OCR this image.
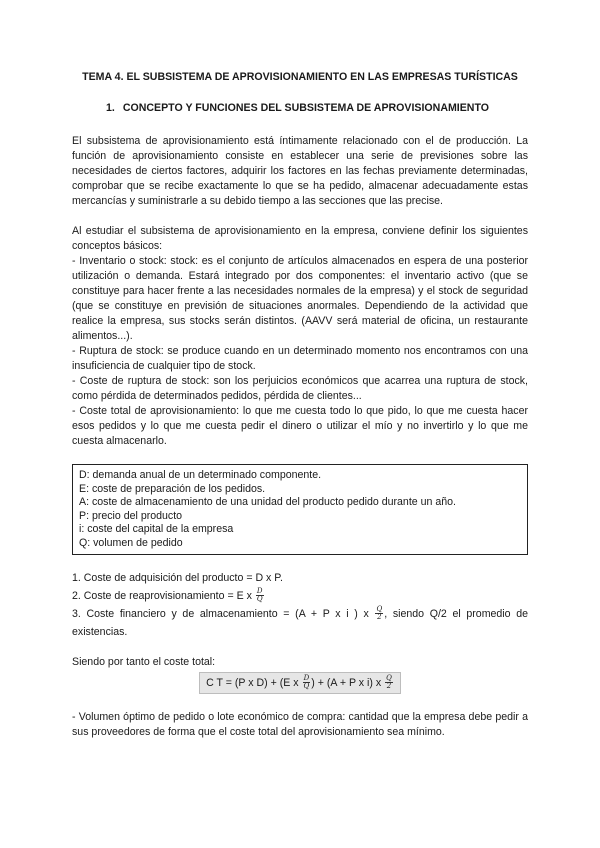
TEMA 4. EL SUBSISTEMA DE APROVISIONAMIENTO EN LAS EMPRESAS TURÍSTICAS
1. CONCEPTO Y FUNCIONES DEL SUBSISTEMA DE APROVISIONAMIENTO

El subsistema de aprovisionamiento está íntimamente relacionado con el de producción. La función de aprovisionamiento consiste en establecer una serie de previsiones sobre las necesidades de ciertos factores, adquirir los factores en las fechas previamente determinadas, comprobar que se recibe exactamente lo que se ha pedido, almacenar adecuadamente estas mercancías y suministrarle a su debido tiempo a las secciones que las precise.

Al estudiar el subsistema de aprovisionamiento en la empresa, conviene definir los siguientes conceptos básicos:

- Inventario o stock: stock: es el conjunto de artículos almacenados en espera de una posterior utilización o demanda. Estará integrado por dos componentes: el inventario activo (que se constituye para hacer frente a las necesidades normales de la empresa) y el stock de seguridad (que se constituye en previsión de situaciones anormales. Dependiendo de la actividad que realice la empresa, sus stocks serán distintos. (AAVV será material de oficina, un restaurante alimentos...).

- Ruptura de stock: se produce cuando en un determinado momento nos encontramos con una insuficiencia de cualquier tipo de stock.

- Coste de ruptura de stock: son los perjuicios económicos que acarrea una ruptura de stock, como pérdida de determinados pedidos, pérdida de clientes...

- Coste total de aprovisionamiento: lo que me cuesta todo lo que pido, lo que me cuesta hacer esos pedidos y lo que me cuesta pedir el dinero o utilizar el mío y no invertirlo y lo que me cuesta almacenarlo.

D: demanda anual de un determinado componente.
E: coste de preparación de los pedidos.
A: coste de almacenamiento de una unidad del producto pedido durante un año.
P: precio del producto
i: coste del capital de la empresa
Q: volumen de pedido

1. Coste de adquisición del producto = D x P.

2. Coste de reaprovisionamiento = E x $\frac{D}{Q}$

3. Coste financiero y de almacenamiento = (A + P x i ) x $\frac{Q}{2}$ , siendo Q/2 el promedio de existencias.

Siendo por tanto el coste total:

C T = (P x D) + (E x $\frac{D}{Q}$ ) + (A + P x i) x $\frac{Q}{2}$

- Volumen óptimo de pedido o lote económico de compra: cantidad que la empresa debe pedir a sus proveedores de forma que el coste total del aprovisionamiento sea mínimo.
